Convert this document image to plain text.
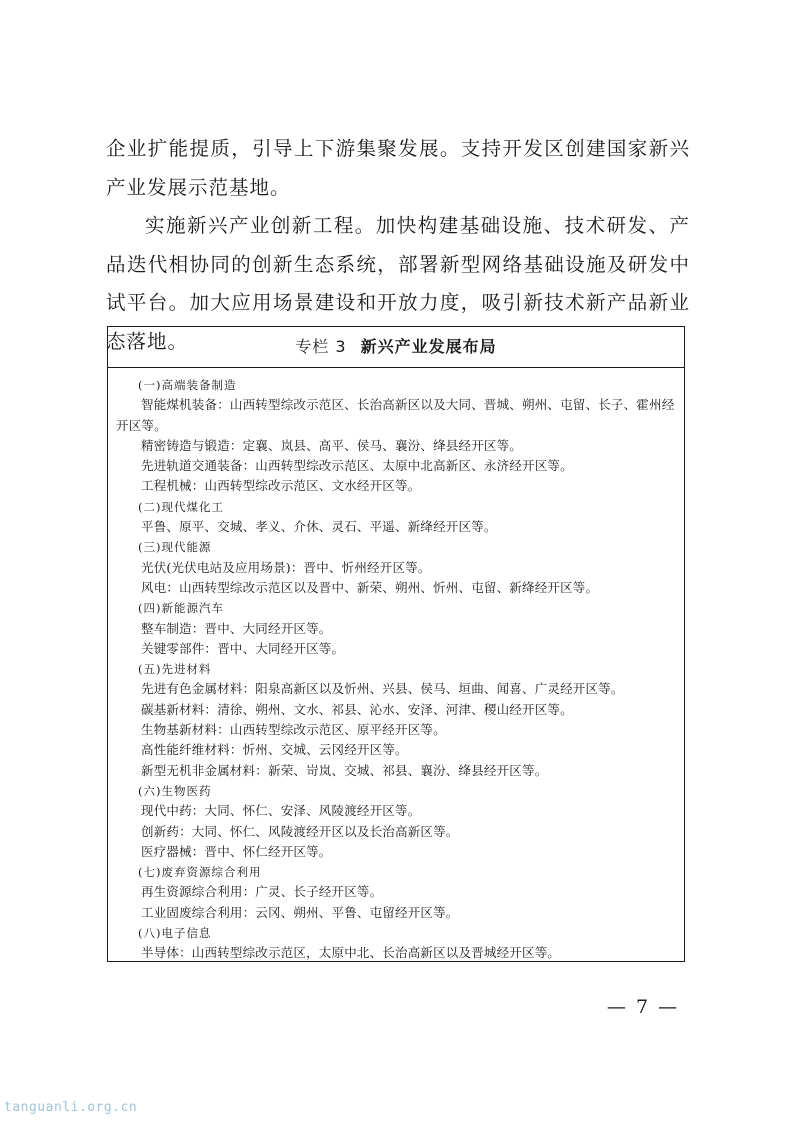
企业扩能提质，引导上下游集聚发展。支持开发区创建国家新兴产业发展示范基地。

实施新兴产业创新工程。加快构建基础设施、技术研发、产品迭代相协同的创新生态系统，部署新型网络基础设施及研发中试平台。加大应用场景建设和开放力度，吸引新技术新产品新业态落地。	专栏 3 新兴产业发展布局

(一)高端装备制造

智能煤机装备：山西转型综改示范区、长治高新区以及大同、晋城、朔州、屯留、长子、霍州经开区等。

精密铸造与锻造：定襄、岚县、高平、侯马、襄汾、绛县经开区等。

先进轨道交通装备：山西转型综改示范区、太原中北高新区、永济经开区等。

工程机械：山西转型综改示范区、文水经开区等。

(二)现代煤化工

平鲁、原平、交城、孝义、介休、灵石、平遥、新绛经开区等。

(三)现代能源

光伏(光伏电站及应用场景)：晋中、忻州经开区等。

风电：山西转型综改示范区以及晋中、新荣、朔州、忻州、屯留、新绛经开区等。

(四)新能源汽车

整车制造：晋中、大同经开区等。

关键零部件：晋中、大同经开区等。

(五)先进材料

先进有色金属材料：阳泉高新区以及忻州、兴县、侯马、垣曲、闻喜、广灵经开区等。

碳基新材料：清徐、朔州、文水、祁县、沁水、安泽、河津、稷山经开区等。

生物基新材料：山西转型综改示范区、原平经开区等。

高性能纤维材料：忻州、交城、云冈经开区等。

新型无机非金属材料：新荣、岢岚、交城、祁县、襄汾、绛县经开区等。

(六)生物医药

现代中药：大同、怀仁、安泽、风陵渡经开区等。

创新药：大同、怀仁、风陵渡经开区以及长治高新区等。

医疗器械：晋中、怀仁经开区等。

(七)废弃资源综合利用

再生资源综合利用：广灵、长子经开区等。

工业固废综合利用：云冈、朔州、平鲁、屯留经开区等。

(八)电子信息

半导体：山西转型综改示范区，太原中北、长治高新区以及晋城经开区等。

— 7 —
tanguanli.org.cn
